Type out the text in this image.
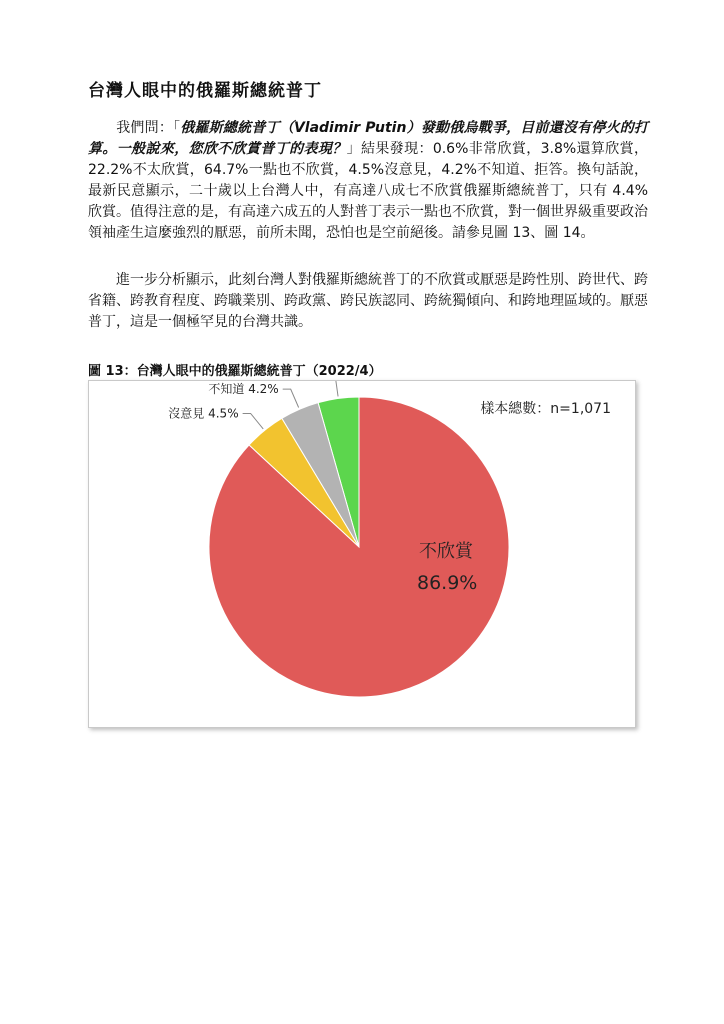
台灣人眼中的俄羅斯總統普丁

我們問：「俄羅斯總統普丁（Vladimir Putin）發動俄烏戰爭，目前還沒有停火的打算。一般說來，您欣不欣賞普丁的表現？」結果發現：0.6%非常欣賞，3.8%還算欣賞，22.2%不太欣賞，64.7%一點也不欣賞，4.5%沒意見，4.2%不知道、拒答。換句話說，最新民意顯示，二十歲以上台灣人中，有高達八成七不欣賞俄羅斯總統普丁，只有 4.4% 欣賞。值得注意的是，有高達六成五的人對普丁表示一點也不欣賞，對一個世界級重要政治領袖產生這麼強烈的厭惡，前所未聞，恐怕也是空前絕後。請參見圖 13、圖 14。

進一步分析顯示，此刻台灣人對俄羅斯總統普丁的不欣賞或厭惡是跨性別、跨世代、跨省籍、跨教育程度、跨職業別、跨政黨、跨民族認同、跨統獨傾向、和跨地理區域的。厭惡普丁，這是一個極罕見的台灣共識。

圖 13：台灣人眼中的俄羅斯總統普丁（2022/4）
不知道 4.2%
沒意見 4.5%
不欣賞
86.9%
樣本總數：n=1,071
